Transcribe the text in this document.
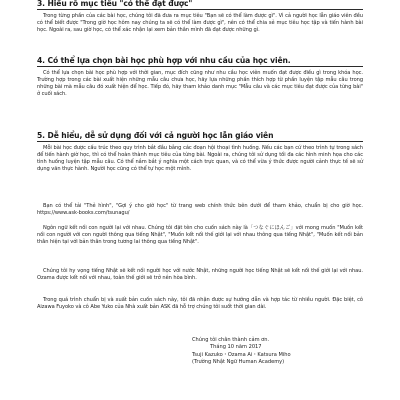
3. Hiểu rõ mục tiêu "có thể đạt được"

Trong từng phần của các bài học, chúng tôi đã đưa ra mục tiêu "Bạn sẽ có thể làm được gì". Vì cả người học lẫn giáo viên đều có thể biết được "Trong giờ học hôm nay chúng ta sẽ có thể làm được gì", nên có thể chia sẻ mục tiêu học tập và tiến hành bài học. Ngoài ra, sau giờ học, có thể xác nhận lại xem bản thân mình đã đạt được những gì.

4. Có thể lựa chọn bài học phù hợp với nhu cầu của học viên.

Có thể lựa chọn bài học phù hợp với thời gian, mục đích cũng như nhu cầu học viên muốn đạt được điều gì trong khóa học. Trường hợp trong các bài xuất hiện những mẫu câu chưa học, hãy lựa những phần thích hợp từ phần luyện tập mẫu câu trong những bài mà mẫu câu đó xuất hiện để học. Tiếp đó, hãy tham khảo danh mục "Mẫu câu và các mục tiêu đạt được của từng bài" ở cuối sách.

5. Dễ hiểu, dễ sử dụng đối với cả người học lẫn giáo viên

Mỗi bài học được cấu trúc theo quy trình bắt đầu bằng các đoạn hội thoại tình huống. Nếu các bạn cứ theo trình tự trong sách để tiến hành giờ học, thì có thể hoàn thành mục tiêu của từng bài. Ngoài ra, chúng tôi sử dụng tối đa các hình minh họa cho các tình huống luyện tập mẫu câu. Có thể nắm bắt ý nghĩa một cách trực quan, và có thể vừa ý thức được người cảnh thực tế sẽ sử dụng văn thực hành. Người học cũng có thể tự học một mình.

Bạn có thể tải "Thẻ hình", "Gợi ý cho giờ học" từ trang web chính thức bên dưới để tham khảo, chuẩn bị cho giờ học. https://www.ask-books.com/tsunagu/

Ngôn ngữ kết nối con người lại với nhau. Chúng tôi đặt tên cho cuốn sách này là「つなぐにほんご」với mong muốn "Muốn kết nối con người với con người thông qua tiếng Nhật", "Muốn kết nối thế giới lại với nhau thông qua tiếng Nhật", "Muốn kết nối bản thân hiện tại với bản thân trong tương lai thông qua tiếng Nhật".

Chúng tôi hy vọng tiếng Nhật sẽ kết nối người học với nước Nhật, những người học tiếng Nhật sẽ kết nối thế giới lại với nhau. Ozama được kết nối với nhau, toàn thế giới sẽ trở nên hòa bình.

Trong quá trình chuẩn bị và xuất bản cuốn sách này, tôi đã nhận được sự hướng dẫn và hợp tác từ nhiều người. Đặc biệt, cô Aizawa Fuyoko và cô Abe Yuko của Nhà xuất bản ASK đã hỗ trợ chúng tôi suốt thời gian dài.

Chúng tôi chân thành cảm ơn.
Tháng 10 năm 2017
Tsuji Kazuko・Ozama Ai・Katsura Miho
(Trường Nhật Ngữ Human Academy)
